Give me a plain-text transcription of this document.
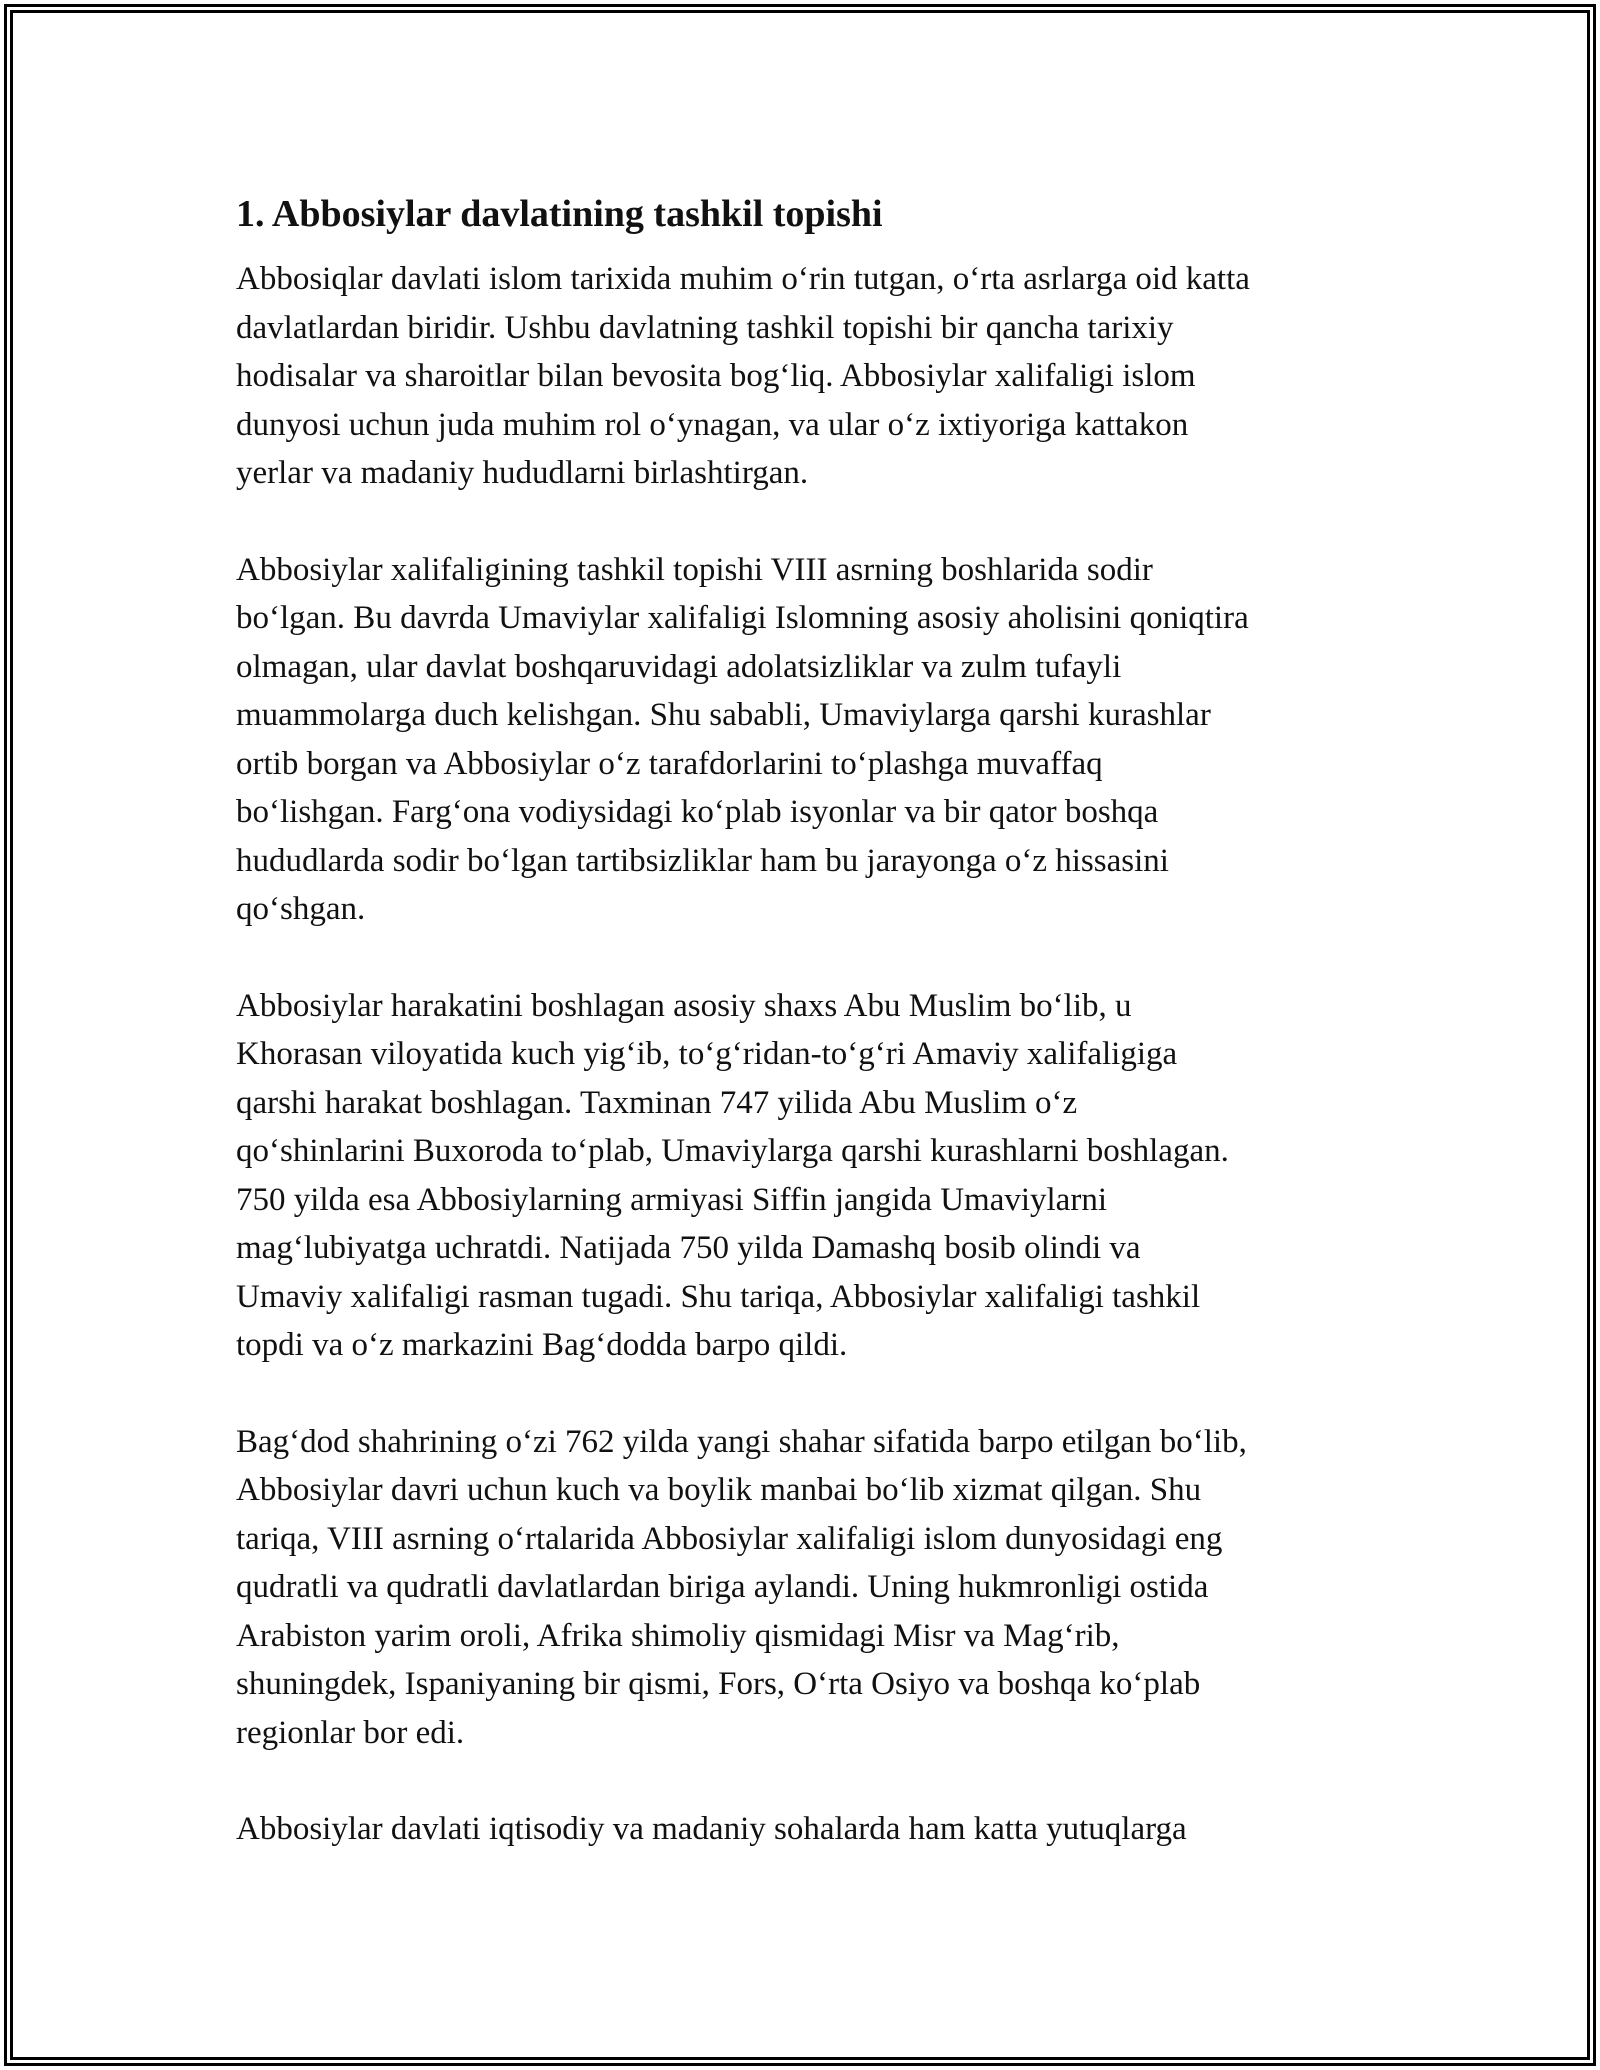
1. Abbosiylar davlatining tashkil topishi
Abbosiqlar davlati islom tarixida muhim o‘rin tutgan, o‘rta asrlarga oid katta
davlatlardan biridir. Ushbu davlatning tashkil topishi bir qancha tarixiy
hodisalar va sharoitlar bilan bevosita bog‘liq. Abbosiylar xalifaligi islom
dunyosi uchun juda muhim rol o‘ynagan, va ular o‘z ixtiyoriga kattakon
yerlar va madaniy hududlarni birlashtirgan.
Abbosiylar xalifaligining tashkil topishi VIII asrning boshlarida sodir
bo‘lgan. Bu davrda Umaviylar xalifaligi Islomning asosiy aholisini qoniqtira
olmagan, ular davlat boshqaruvidagi adolatsizliklar va zulm tufayli
muammolarga duch kelishgan. Shu sababli, Umaviylarga qarshi kurashlar
ortib borgan va Abbosiylar o‘z tarafdorlarini to‘plashga muvaffaq
bo‘lishgan. Farg‘ona vodiysidagi ko‘plab isyonlar va bir qator boshqa
hududlarda sodir bo‘lgan tartibsizliklar ham bu jarayonga o‘z hissasini
qo‘shgan.
Abbosiylar harakatini boshlagan asosiy shaxs Abu Muslim bo‘lib, u
Khorasan viloyatida kuch yig‘ib, to‘g‘ridan-to‘g‘ri Amaviy xalifaligiga
qarshi harakat boshlagan. Taxminan 747 yilida Abu Muslim o‘z
qo‘shinlarini Buxoroda to‘plab, Umaviylarga qarshi kurashlarni boshlagan.
750 yilda esa Abbosiylarning armiyasi Siffin jangida Umaviylarni
mag‘lubiyatga uchratdi. Natijada 750 yilda Damashq bosib olindi va
Umaviy xalifaligi rasman tugadi. Shu tariqa, Abbosiylar xalifaligi tashkil
topdi va o‘z markazini Bag‘dodda barpo qildi.
Bag‘dod shahrining o‘zi 762 yilda yangi shahar sifatida barpo etilgan bo‘lib,
Abbosiylar davri uchun kuch va boylik manbai bo‘lib xizmat qilgan. Shu
tariqa, VIII asrning o‘rtalarida Abbosiylar xalifaligi islom dunyosidagi eng
qudratli va qudratli davlatlardan biriga aylandi. Uning hukmronligi ostida
Arabiston yarim oroli, Afrika shimoliy qismidagi Misr va Mag‘rib,
shuningdek, Ispaniyaning bir qismi, Fors, O‘rta Osiyo va boshqa ko‘plab
regionlar bor edi.
Abbosiylar davlati iqtisodiy va madaniy sohalarda ham katta yutuqlarga
